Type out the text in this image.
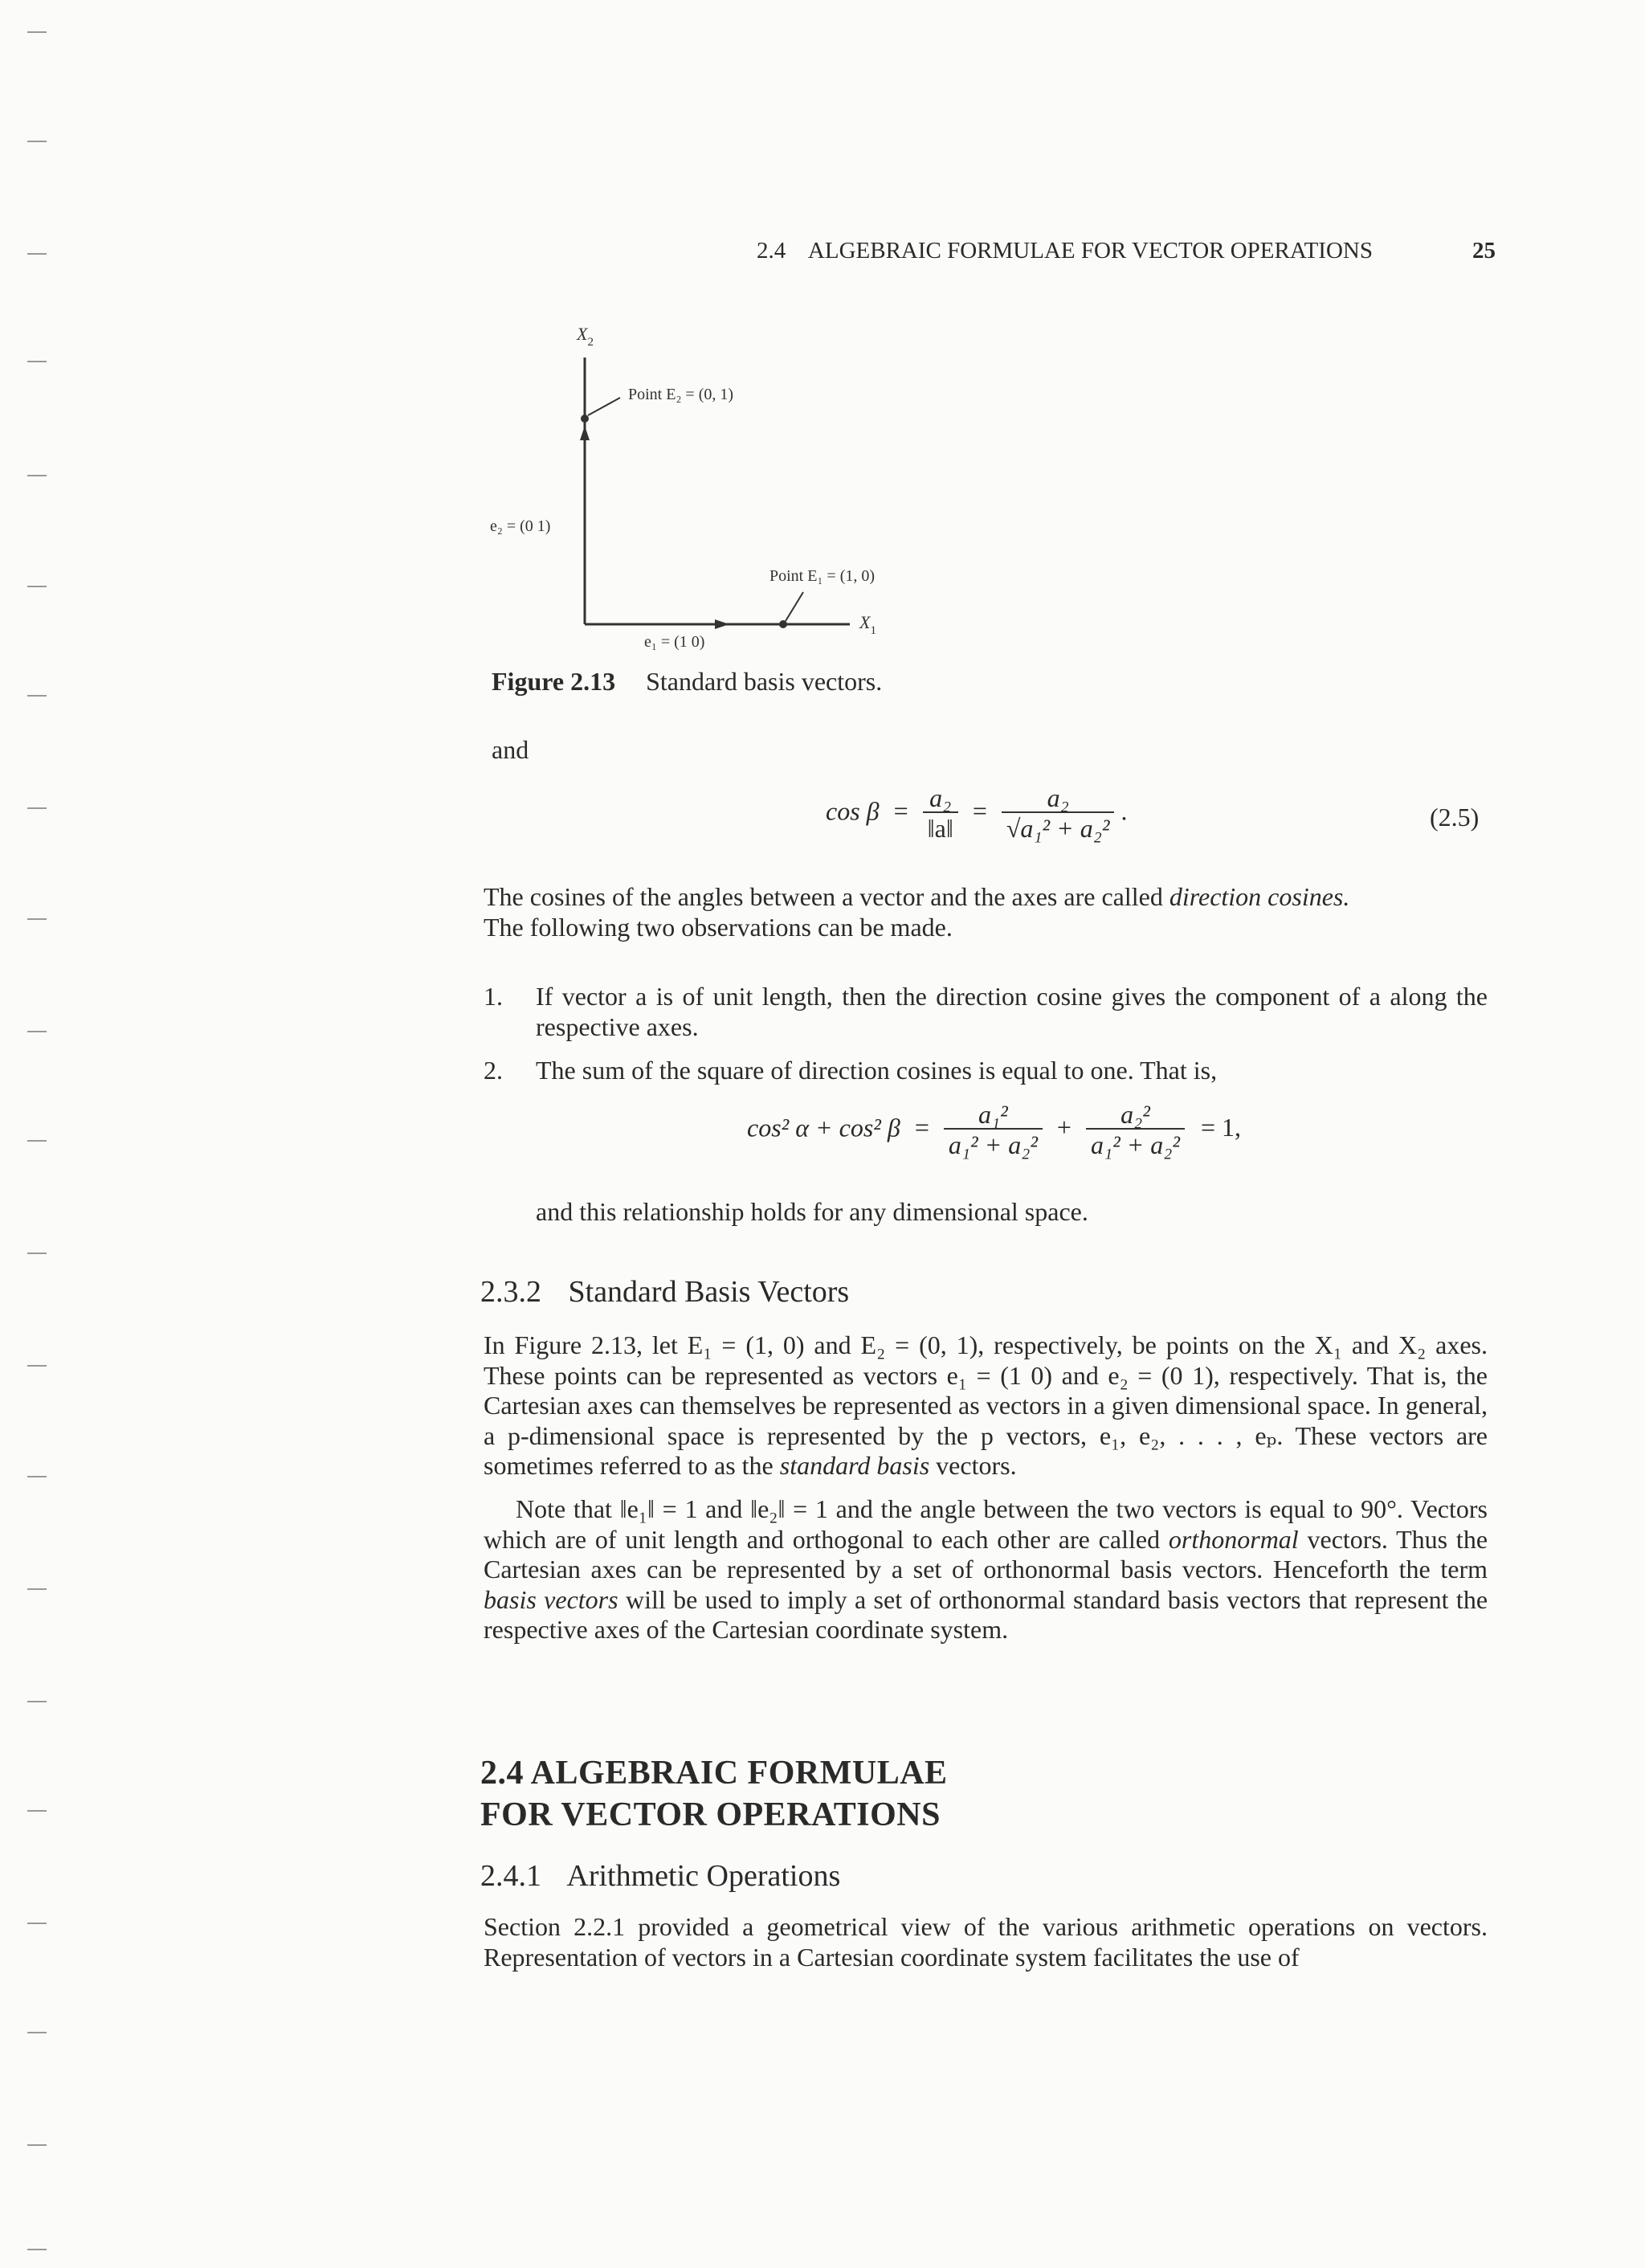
2.4 ALGEBRAIC FORMULAE FOR VECTOR OPERATIONS	25
$X_2$
$X_1$
Point E₂ = (0, 1)
Point E₁ = (1, 0)
e₂ = (0 1)
e₁ = (1 0)
Figure 2.13 Standard basis vectors.
and
$\cos \beta = \frac{\text{a₂}}{‖a‖} = \frac{\text{a₂}}{\text{√a₁² + a₂²}}$ .	(2.5)
The cosines of the angles between a vector and the axes are called direction cosines.
The following two observations can be made.
1. If vector a is of unit length, then the direction cosine gives the component of a along the respective axes.
2. The sum of the square of direction cosines is equal to one. That is,
cos² α + cos² $\beta = \frac{\text{a₁²}}{\text{a₁² + a₂²}} + \frac{\text{a₂²}}{\text{a₁² + a₂²}} = 1$,
and this relationship holds for any dimensional space.
2.3.2 Standard Basis Vectors
In Figure 2.13, let E₁ = (1, 0) and E₂ = (0, 1), respectively, be points on the X₁ and X₂ axes. These points can be represented as vectors e₁ = (1 0) and e₂ = (0 1), respectively. That is, the Cartesian axes can themselves be represented as vectors in a given dimensional space. In general, a p-dimensional space is represented by the p vectors, e₁, e₂, . . . , eₚ. These vectors are sometimes referred to as the standard basis vectors.
Note that ‖e₁‖ = 1 and ‖e₂‖ = 1 and the angle between the two vectors is equal to 90°. Vectors which are of unit length and orthogonal to each other are called orthonormal vectors. Thus the Cartesian axes can be represented by a set of orthonormal basis vectors. Henceforth the term basis vectors will be used to imply a set of orthonormal standard basis vectors that represent the respective axes of the Cartesian coordinate system.
2.4 ALGEBRAIC FORMULAE
FOR VECTOR OPERATIONS
2.4.1 Arithmetic Operations
Section 2.2.1 provided a geometrical view of the various arithmetic operations on vectors. Representation of vectors in a Cartesian coordinate system facilitates the use of
